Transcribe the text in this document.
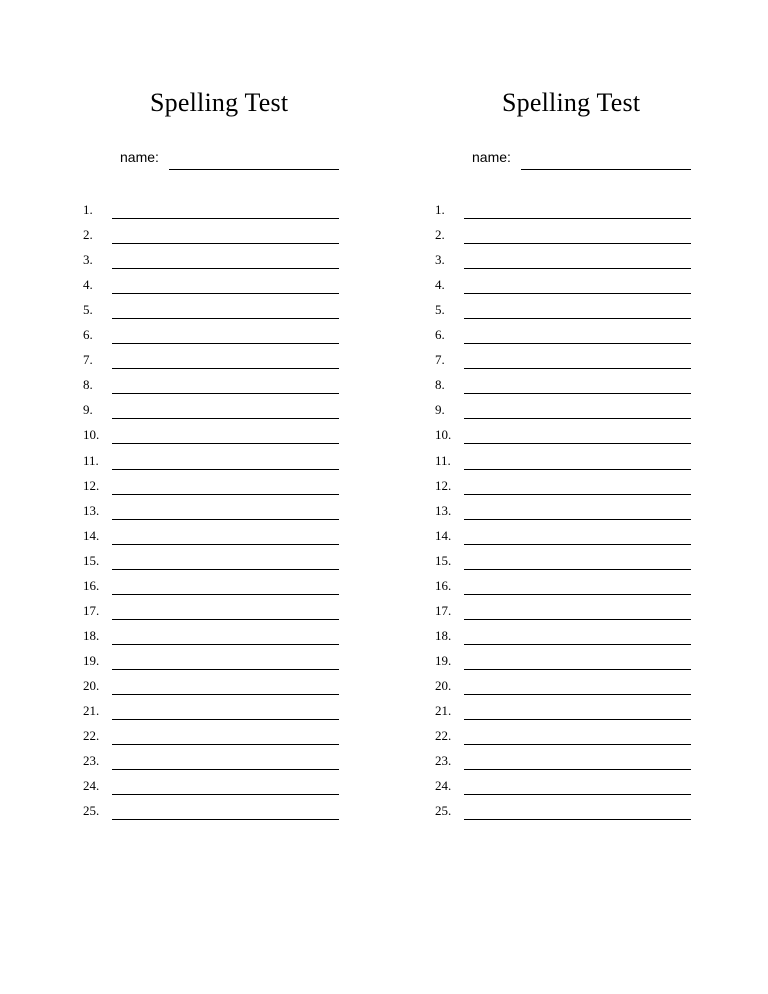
Spelling Test
name:
1.
2.
3.
4.
5.
6.
7.
8.
9.
10.
11.
12.
13.
14.
15.
16.
17.
18.
19.
20.
21.
22.
23.
24.
25.
Spelling Test
name:
1.
2.
3.
4.
5.
6.
7.
8.
9.
10.
11.
12.
13.
14.
15.
16.
17.
18.
19.
20.
21.
22.
23.
24.
25.
